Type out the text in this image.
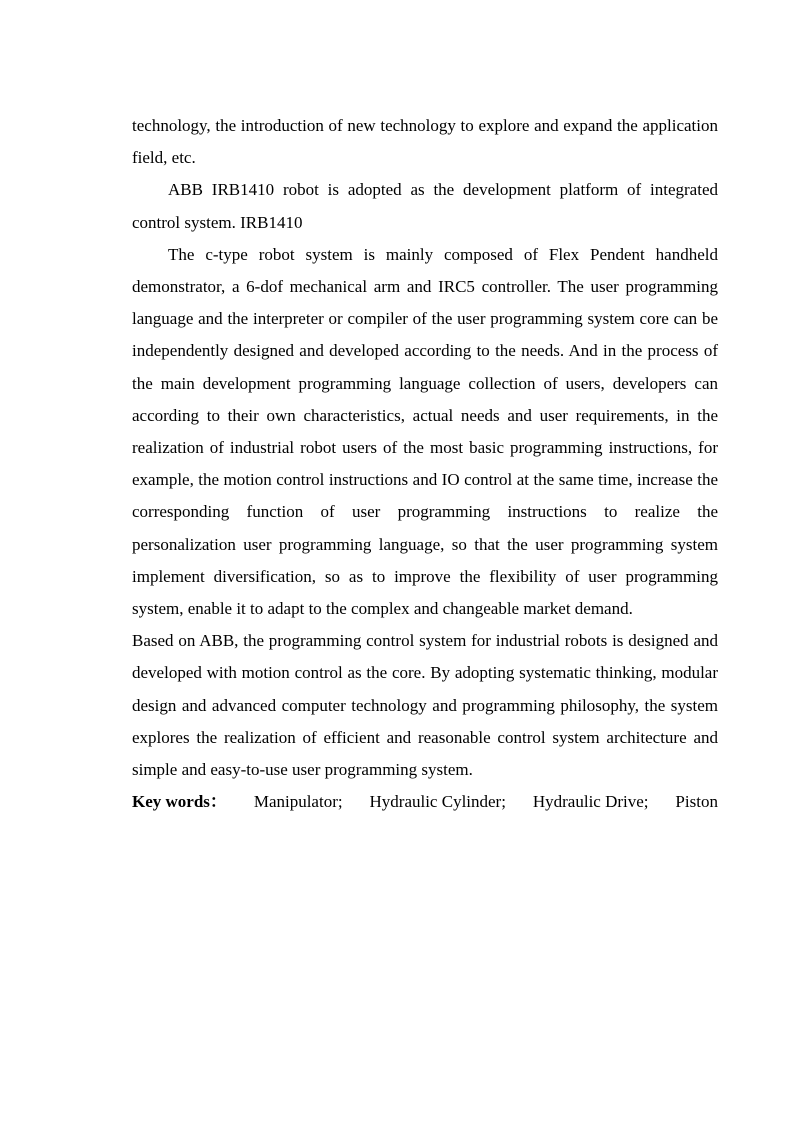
technology, the introduction of new technology to explore and expand the application field, etc.

ABB IRB1410 robot is adopted as the development platform of integrated control system. IRB1410

The c-type robot system is mainly composed of Flex Pendent handheld demonstrator, a 6-dof mechanical arm and IRC5 controller. The user programming language and the interpreter or compiler of the user programming system core can be independently designed and developed according to the needs. And in the process of the main development programming language collection of users, developers can according to their own characteristics, actual needs and user requirements, in the realization of industrial robot users of the most basic programming instructions, for example, the motion control instructions and IO control at the same time, increase the corresponding function of user programming instructions to realize the personalization user programming language, so that the user programming system implement diversification, so as to improve the flexibility of user programming system, enable it to adapt to the complex and changeable market demand.

Based on ABB, the programming control system for industrial robots is designed and developed with motion control as the core. By adopting systematic thinking, modular design and advanced computer technology and programming philosophy, the system explores the realization of efficient and reasonable control system architecture and simple and easy-to-use user programming system.

Key words： Manipulator; Hydraulic Cylinder; Hydraulic Drive; Piston
